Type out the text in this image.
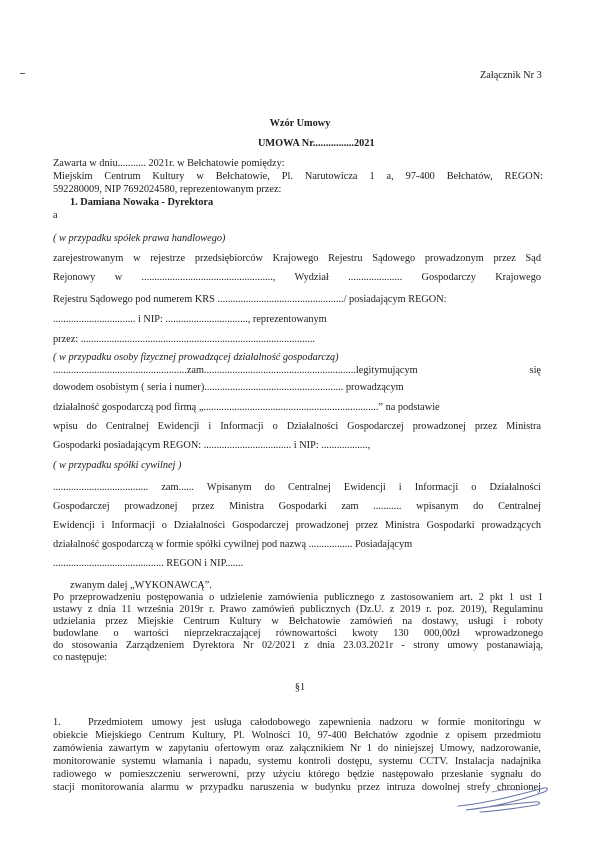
Załącznik Nr 3
Wzór Umowy
UMOWA Nr................2021
Zawarta w dniu........... 2021r. w Bełchatowie pomiędzy:
Miejskim Centrum Kultury w Bełchatowie, Pl. Narutowicza 1 a, 97-400 Bełchatów, REGON:
592280009, NIP 7692024580, reprezentowanym przez:
1. Damiana Nowaka - Dyrektora
a
( w przypadku spółek prawa handlowego)
zarejestrowanym w rejestrze przedsiębiorców Krajowego Rejestru Sądowego prowadzonym przez Sąd
Rejonowy w ..................................................., Wydział ..................... Gospodarczy Krajowego
Rejestru Sądowego pod numerem KRS ................................................./ posiadającym REGON:
................................ i NIP: ................................, reprezentowanym
przez: ...........................................................................................
( w przypadku osoby fizycznej prowadzącej działalność gospodarczą)
....................................................zam...........................................................legitymującym się
dowodem osobistym ( seria i numer)...................................................... prowadzącym
działalność gospodarczą pod firmą „....................................................................” na podstawie
wpisu do Centralnej Ewidencji i Informacji o Działalności Gospodarczej prowadzonej przez Ministra
Gospodarki posiadającym REGON: .................................. i NIP: ..................,
( w przypadku spółki cywilnej )
..................................... zam...... Wpisanym do Centralnej Ewidencji i Informacji o Działalności
Gospodarczej prowadzonej przez Ministra Gospodarki zam ........... wpisanym do Centralnej
Ewidencji i Informacji o Działalności Gospodarczej prowadzonej przez Ministra Gospodarki prowadzących
działalność gospodarczą w formie spółki cywilnej pod nazwą ................. Posiadającym
........................................... REGON i NIP.......
zwanym dalej „WYKONAWCĄ”.
Po przeprowadzeniu postępowania o udzielenie zamówienia publicznego z zastosowaniem art. 2 pkt 1 ust 1
ustawy z dnia 11 września 2019r r. Prawo zamówień publicznych (Dz.U. z 2019 r. poz. 2019), Regulaminu
udzielania przez Miejskie Centrum Kultury w Bełchatowie zamówień na dostawy, usługi i roboty
budowlane o wartości nieprzekraczającej równowartości kwoty 130 000,00zł wprowadzonego
do stosowania Zarządzeniem Dyrektora Nr 02/2021 z dnia 23.03.2021r - strony umowy postanawiają,
co następuje:
§1
1.	Przedmiotem umowy jest usługa całodobowego zapewnienia nadzoru w formie monitoringu w
obiekcie Miejskiego Centrum Kultury, Pl. Wolności 10, 97-400 Bełchatów zgodnie z opisem przedmiotu
zamówienia zawartym w zapytaniu ofertowym oraz załącznikiem Nr 1 do niniejszej Umowy, nadzorowanie,
monitorowanie systemu włamania i napadu, systemu kontroli dostępu, systemu CCTV. Instalacja nadajnika
radiowego w pomieszczeniu serwerowni, przy użyciu którego będzie następowało przesłanie sygnału do
stacji monitorowania alarmu w przypadku naruszenia w budynku przez intruza dowolnej strefy chronionej
